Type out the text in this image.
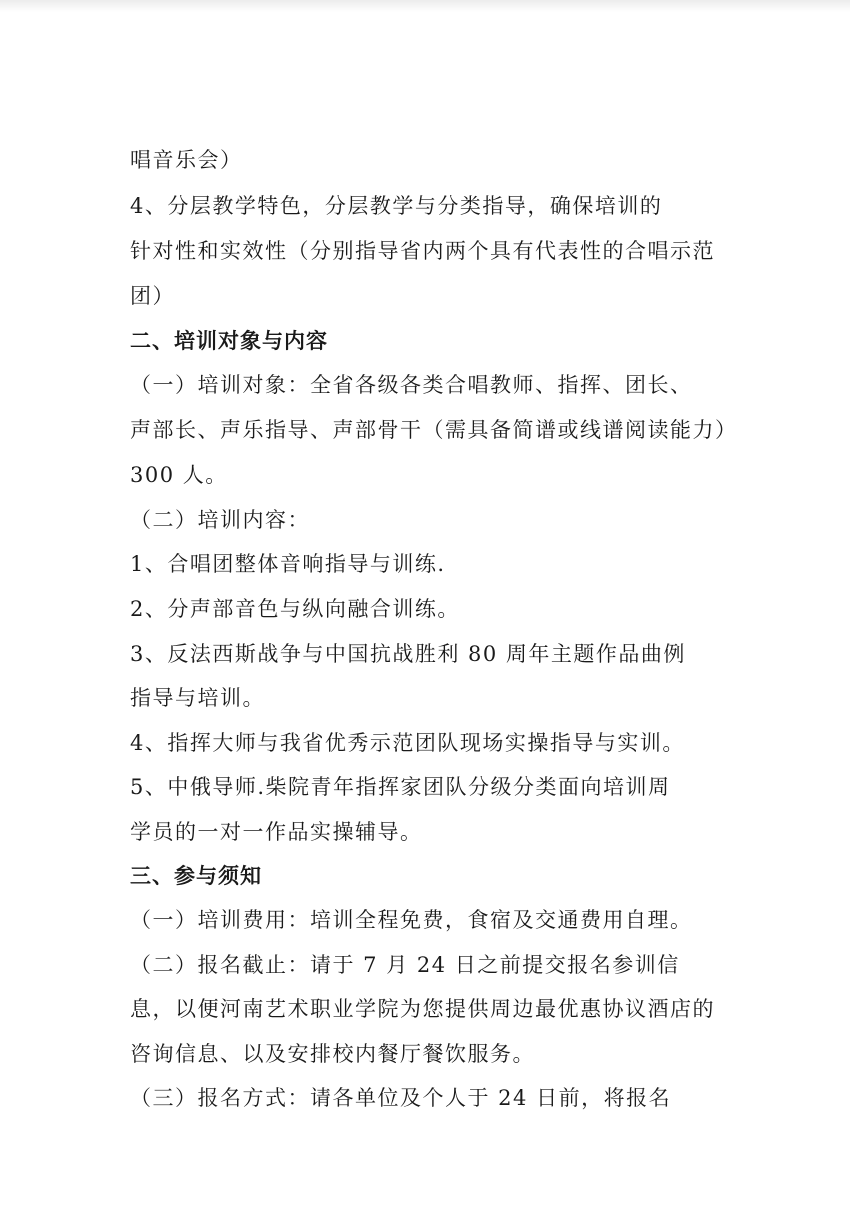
唱音乐会）
4、分层教学特色，分层教学与分类指导，确保培训的
针对性和实效性（分别指导省内两个具有代表性的合唱示范
团）
二、培训对象与内容
（一）培训对象：全省各级各类合唱教师、指挥、团长、
声部长、声乐指导、声部骨干（需具备简谱或线谱阅读能力）
300 人。
（二）培训内容：
1、合唱团整体音响指导与训练.
2、分声部音色与纵向融合训练。
3、反法西斯战争与中国抗战胜利 80 周年主题作品曲例
指导与培训。
4、指挥大师与我省优秀示范团队现场实操指导与实训。
5、中俄导师.柴院青年指挥家团队分级分类面向培训周
学员的一对一作品实操辅导。
三、参与须知
（一）培训费用：培训全程免费，食宿及交通费用自理。
（二）报名截止：请于 7 月 24 日之前提交报名参训信
息，以便河南艺术职业学院为您提供周边最优惠协议酒店的
咨询信息、以及安排校内餐厅餐饮服务。
（三）报名方式：请各单位及个人于 24 日前，将报名
